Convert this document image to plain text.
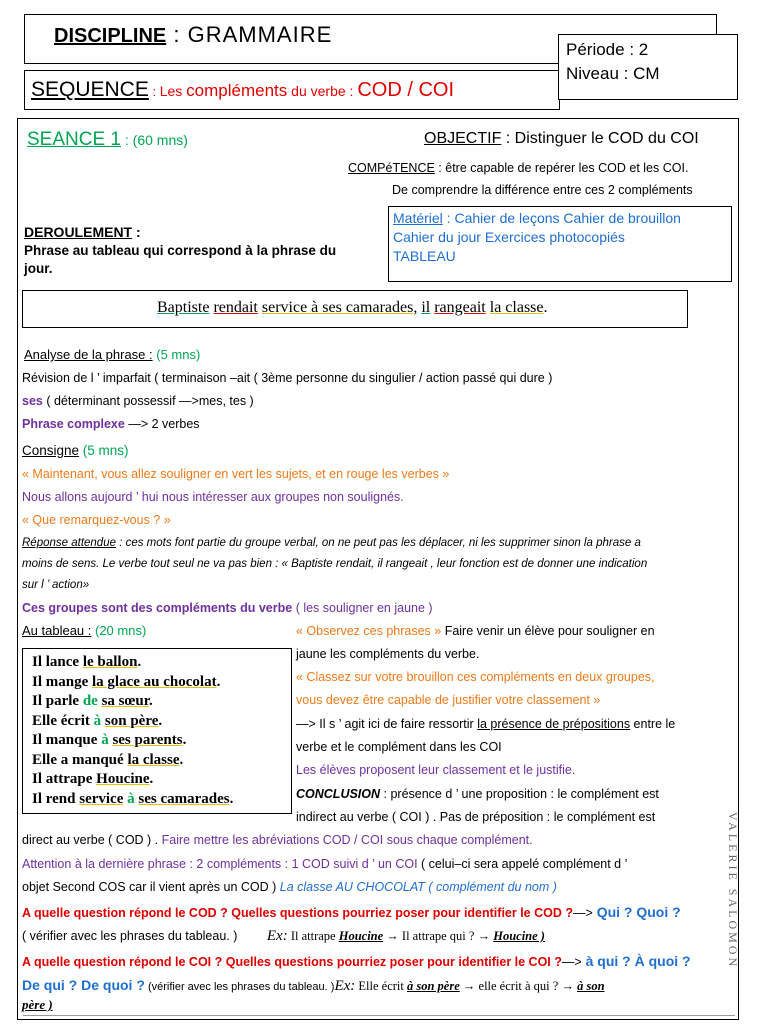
DISCIPLINE : GRAMMAIRE
SEQUENCE : Les compléments du verbe : COD / COI
Période : 2
Niveau : CM
SEANCE 1 : (60 mns)	OBJECTIF : Distinguer le COD du COI
COMPéTENCE : être capable de repérer les COD et les COI.
De comprendre la différence entre ces 2 compléments
DEROULEMENT :
Phrase au tableau qui correspond à la phrase du
jour.
Matériel : Cahier de leçons Cahier de brouillon
Cahier du jour Exercices photocopiés
TABLEAU
Baptiste rendait service à ses camarades, il rangeait la classe.
Analyse de la phrase : (5 mns)
Révision de l ’ imparfait ( terminaison –ait ( 3ème personne du singulier / action passé qui dure )
ses ( déterminant possessif —>mes, tes )
Phrase complexe —> 2 verbes
Consigne (5 mns)
« Maintenant, vous allez souligner en vert les sujets, et en rouge les verbes »
Nous allons aujourd ’ hui nous intéresser aux groupes non soulignés.
« Que remarquez-vous ? »
Réponse attendue : ces mots font partie du groupe verbal, on ne peut pas les déplacer, ni les supprimer sinon la phrase a
moins de sens. Le verbe tout seul ne va pas bien : « Baptiste rendait, il rangeait , leur fonction est de donner une indication
sur l ’ action»
Ces groupes sont des compléments du verbe ( les souligner en jaune )
Au tableau : (20 mns)
Il lance le ballon.
Il mange la glace au chocolat.
Il parle de sa sœur.
Elle écrit à son père.
Il manque à ses parents.
Elle a manqué la classe.
Il attrape Houcine.
Il rend service à ses camarades.
« Observez ces phrases » Faire venir un élève pour souligner en
jaune les compléments du verbe.
« Classez sur votre brouillon ces compléments en deux groupes,
vous devez être capable de justifier votre classement »
—> Il s ’ agit ici de faire ressortir la présence de prépositions entre le
verbe et le complément dans les COI
Les élèves proposent leur classement et le justifie.
CONCLUSION : présence d ’ une proposition : le complément est
indirect au verbe ( COI ) . Pas de préposition : le complément est
direct au verbe ( COD ) . Faire mettre les abréviations COD / COI sous chaque complément.
Attention à la dernière phrase : 2 compléments : 1 COD suivi d ’ un COI ( celui–ci sera appelé complément d ’
objet Second COS car il vient après un COD ) La classe AU CHOCOLAT ( complément du nom )
A quelle question répond le COD ? Quelles questions pourriez poser pour identifier le COD ?—> Qui ? Quoi ?
( vérifier avec les phrases du tableau. ) Ex: Il attrape Houcine → Il attrape qui ? → Houcine )
A quelle question répond le COI ? Quelles questions pourriez poser pour identifier le COI ?—> à qui ? À quoi ?
De qui ? De quoi ? (vérifier avec les phrases du tableau. )Ex: Elle écrit à son père → elle écrit à qui ? → à son
père )
VALERIE SALOMON
